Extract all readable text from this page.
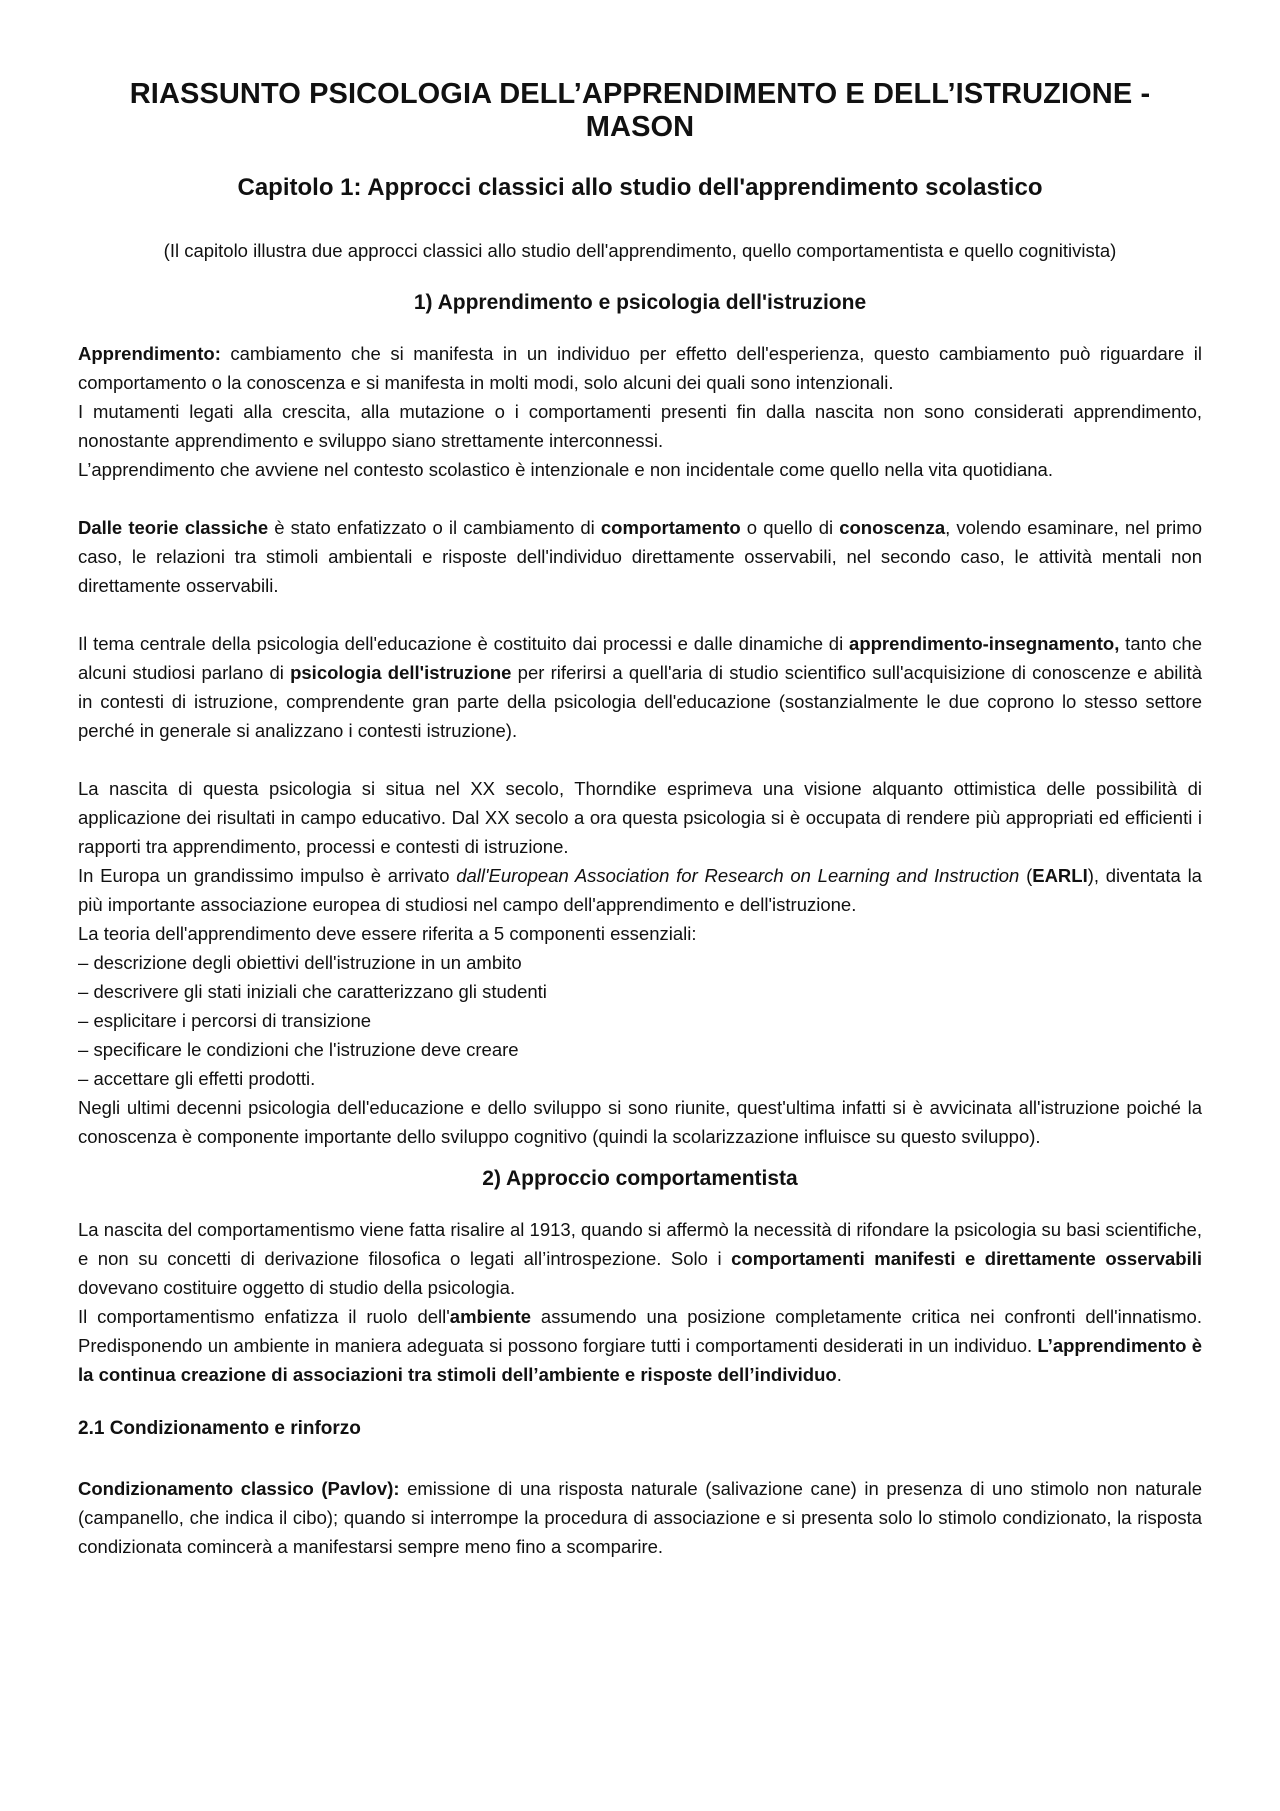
RIASSUNTO PSICOLOGIA DELL’APPRENDIMENTO E DELL’ISTRUZIONE - MASON
Capitolo 1: Approcci classici allo studio dell'apprendimento scolastico

(Il capitolo illustra due approcci classici allo studio dell'apprendimento, quello comportamentista e quello cognitivista)

1) Apprendimento e psicologia dell'istruzione

Apprendimento: cambiamento che si manifesta in un individuo per effetto dell'esperienza, questo cambiamento può riguardare il comportamento o la conoscenza e si manifesta in molti modi, solo alcuni dei quali sono intenzionali.

I mutamenti legati alla crescita, alla mutazione o i comportamenti presenti fin dalla nascita non sono considerati apprendimento, nonostante apprendimento e sviluppo siano strettamente interconnessi.

L’apprendimento che avviene nel contesto scolastico è intenzionale e non incidentale come quello nella vita quotidiana.

Dalle teorie classiche è stato enfatizzato o il cambiamento di comportamento o quello di conoscenza, volendo esaminare, nel primo caso, le relazioni tra stimoli ambientali e risposte dell'individuo direttamente osservabili, nel secondo caso, le attività mentali non direttamente osservabili.

Il tema centrale della psicologia dell'educazione è costituito dai processi e dalle dinamiche di apprendimento-insegnamento, tanto che alcuni studiosi parlano di psicologia dell'istruzione per riferirsi a quell'aria di studio scientifico sull'acquisizione di conoscenze e abilità in contesti di istruzione, comprendente gran parte della psicologia dell'educazione (sostanzialmente le due coprono lo stesso settore perché in generale si analizzano i contesti istruzione).

La nascita di questa psicologia si situa nel XX secolo, Thorndike esprimeva una visione alquanto ottimistica delle possibilità di applicazione dei risultati in campo educativo. Dal XX secolo a ora questa psicologia si è occupata di rendere più appropriati ed efficienti i rapporti tra apprendimento, processi e contesti di istruzione.

In Europa un grandissimo impulso è arrivato dall'European Association for Research on Learning and Instruction (EARLI), diventata la più importante associazione europea di studiosi nel campo dell'apprendimento e dell'istruzione.

La teoria dell'apprendimento deve essere riferita a 5 componenti essenziali:

– descrizione degli obiettivi dell'istruzione in un ambito
– descrivere gli stati iniziali che caratterizzano gli studenti
– esplicitare i percorsi di transizione
– specificare le condizioni che l'istruzione deve creare
– accettare gli effetti prodotti.

Negli ultimi decenni psicologia dell'educazione e dello sviluppo si sono riunite, quest'ultima infatti si è avvicinata all'istruzione poiché la conoscenza è componente importante dello sviluppo cognitivo (quindi la scolarizzazione influisce su questo sviluppo).

2) Approccio comportamentista

La nascita del comportamentismo viene fatta risalire al 1913, quando si affermò la necessità di rifondare la psicologia su basi scientifiche, e non su concetti di derivazione filosofica o legati all’introspezione. Solo i comportamenti manifesti e direttamente osservabili dovevano costituire oggetto di studio della psicologia.

Il comportamentismo enfatizza il ruolo dell'ambiente assumendo una posizione completamente critica nei confronti dell'innatismo. Predisponendo un ambiente in maniera adeguata si possono forgiare tutti i comportamenti desiderati in un individuo. L’apprendimento è la continua creazione di associazioni tra stimoli dell’ambiente e risposte dell’individuo.

2.1 Condizionamento e rinforzo

Condizionamento classico (Pavlov): emissione di una risposta naturale (salivazione cane) in presenza di uno stimolo non naturale (campanello, che indica il cibo); quando si interrompe la procedura di associazione e si presenta solo lo stimolo condizionato, la risposta condizionata comincerà a manifestarsi sempre meno fino a scomparire.
